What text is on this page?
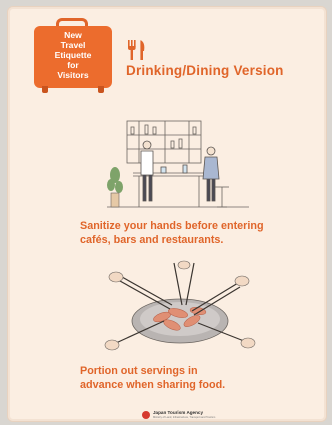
New
Travel
Etiquette
for
Visitors	Drinking/Dining Version
Sanitize your hands before entering
cafés, bars and restaurants.
Portion out servings in
advance when sharing food.
Japan Tourism Agency
Ministry of Land, Infrastructure, Transport and Tourism
